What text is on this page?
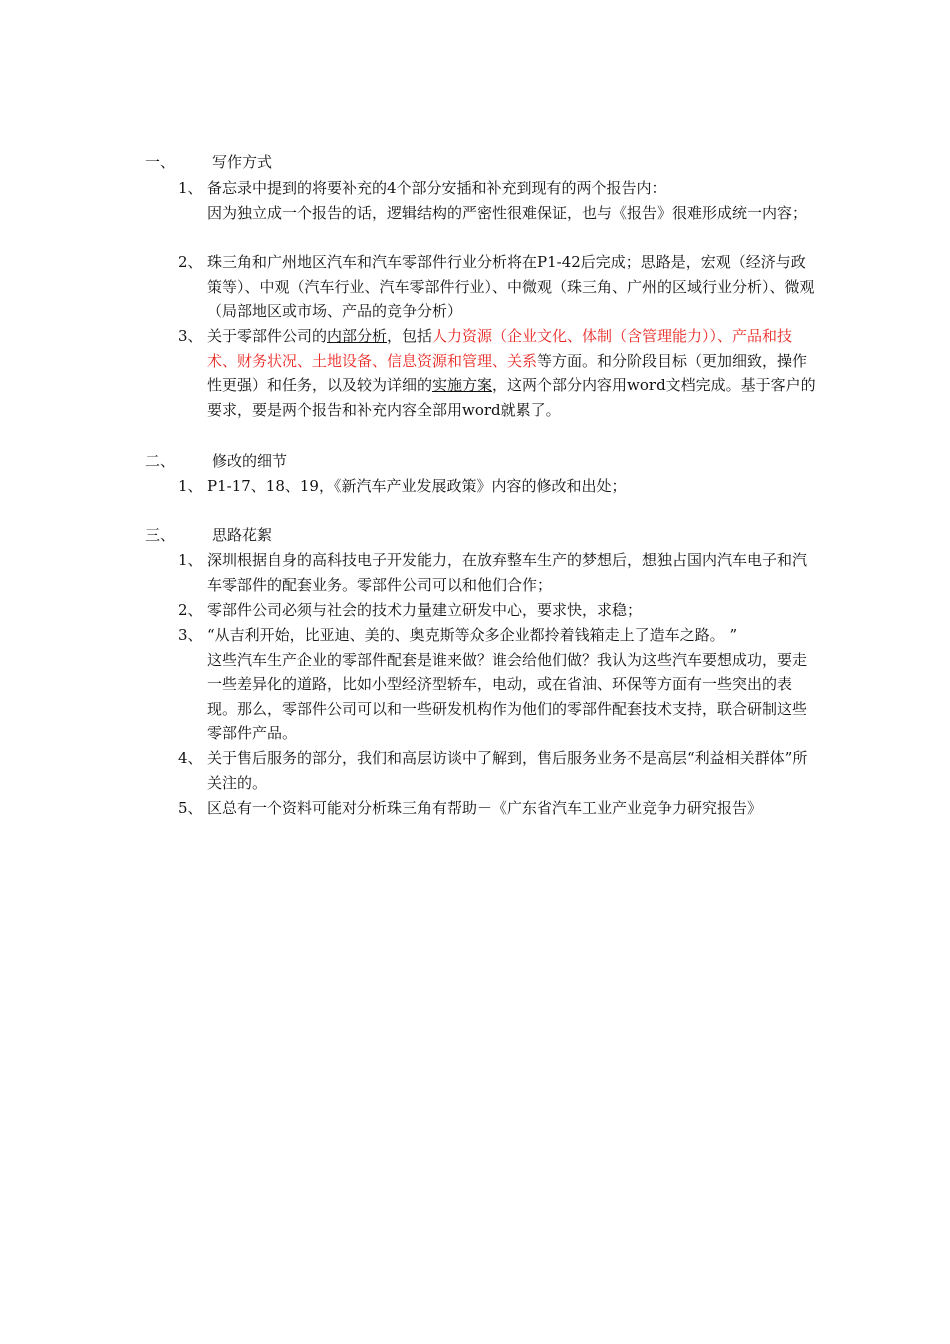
一、 写作方式
1、 备忘录中提到的将要补充的4个部分安插和补充到现有的两个报告内：
因为独立成一个报告的话，逻辑结构的严密性很难保证，也与《报告》很难形成统一内容；
2、 珠三角和广州地区汽车和汽车零部件行业分析将在P1-42后完成；思路是，宏观（经济与政策等）、中观（汽车行业、汽车零部件行业）、中微观（珠三角、广州的区域行业分析）、微观（局部地区或市场、产品的竞争分析）
3、 关于零部件公司的内部分析，包括人力资源（企业文化、体制（含管理能力））、产品和技术、财务状况、土地设备、信息资源和管理、关系等方面。和分阶段目标（更加细致，操作性更强）和任务，以及较为详细的实施方案，这两个部分内容用word文档完成。基于客户的要求，要是两个报告和补充内容全部用word就累了。
二、 修改的细节
1、 P1-17、18、19，《新汽车产业发展政策》内容的修改和出处；
三、 思路花絮
1、 深圳根据自身的高科技电子开发能力，在放弃整车生产的梦想后，想独占国内汽车电子和汽车零部件的配套业务。零部件公司可以和他们合作；
2、 零部件公司必须与社会的技术力量建立研发中心，要求快，求稳；
3、 “从吉利开始，比亚迪、美的、奥克斯等众多企业都拎着钱箱走上了造车之路。 ”
这些汽车生产企业的零部件配套是谁来做？谁会给他们做？我认为这些汽车要想成功，要走一些差异化的道路，比如小型经济型轿车，电动，或在省油、环保等方面有一些突出的表现。那么，零部件公司可以和一些研发机构作为他们的零部件配套技术支持，联合研制这些零部件产品。
4、 关于售后服务的部分，我们和高层访谈中了解到，售后服务业务不是高层“利益相关群体”所关注的。
5、 区总有一个资料可能对分析珠三角有帮助－《广东省汽车工业产业竞争力研究报告》
